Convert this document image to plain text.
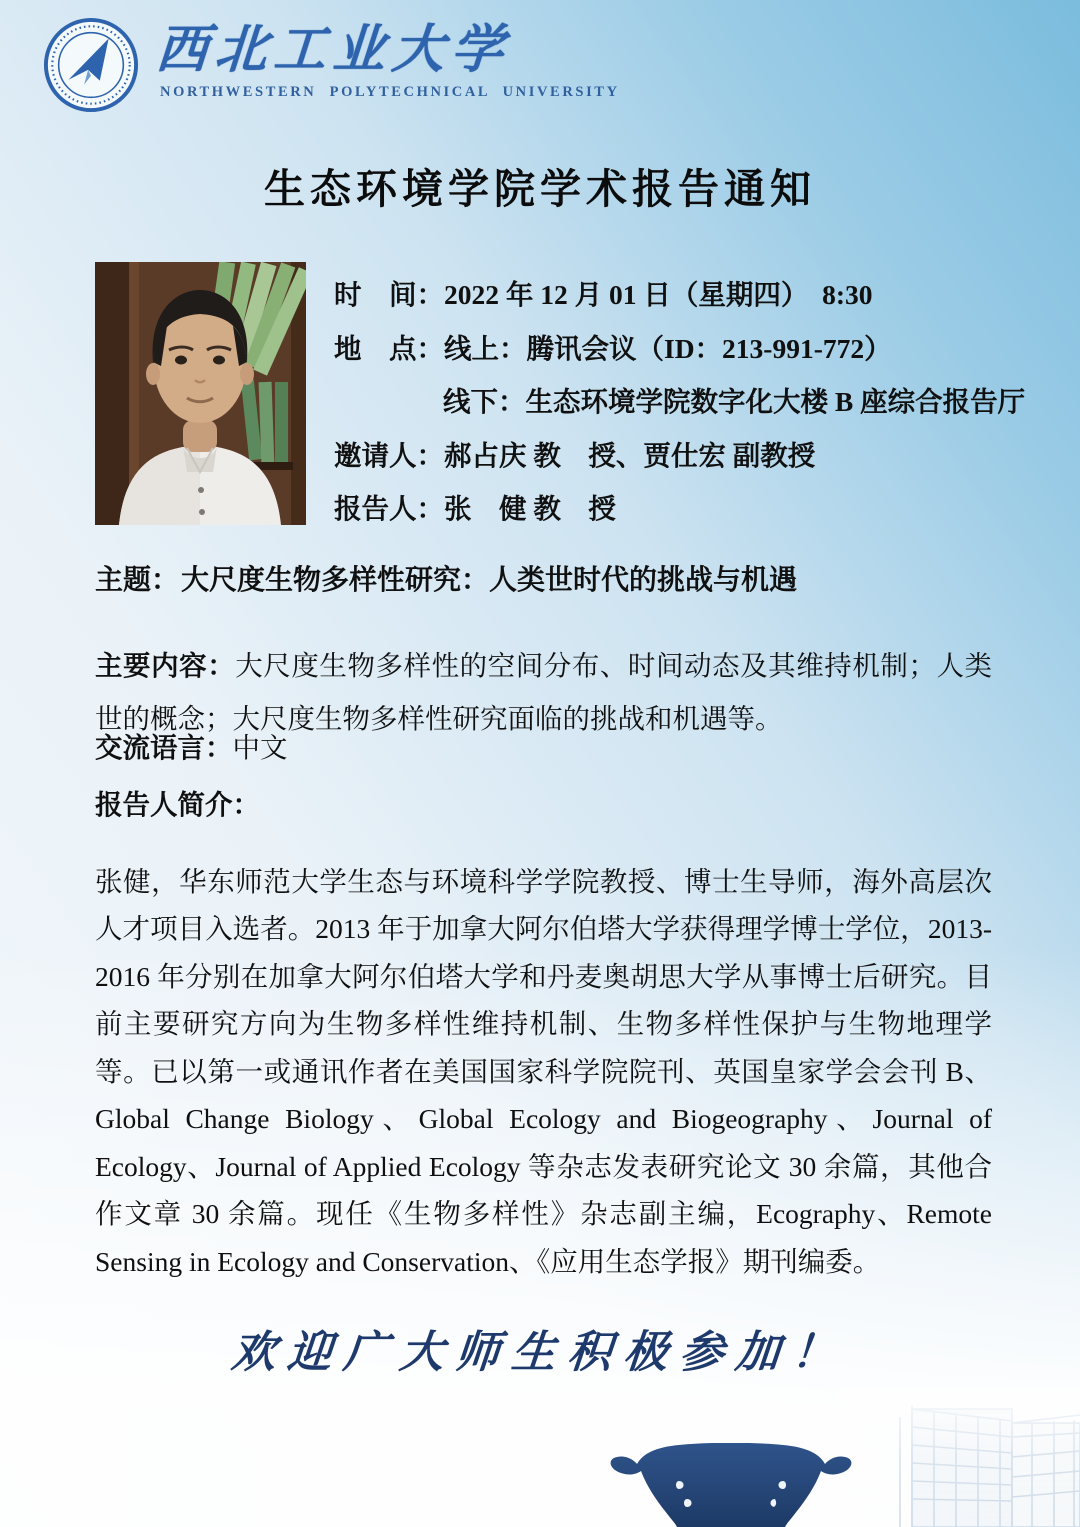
西北工业大学
NORTHWESTERN POLYTECHNICAL UNIVERSITY
生态环境学院学术报告通知
时　间：2022 年 12 月 01 日（星期四）　8:30
地　点：线上：腾讯会议（ID：213-991-772）
线下：生态环境学院数字化大楼 B 座综合报告厅
邀请人：郝占庆 教　授、贾仕宏 副教授
报告人：张　健 教　授
主题：大尺度生物多样性研究：人类世时代的挑战与机遇

主要内容：大尺度生物多样性的空间分布、时间动态及其维持机制；人类世的概念；大尺度生物多样性研究面临的挑战和机遇等。

交流语言：中文
报告人简介：

张健，华东师范大学生态与环境科学学院教授、博士生导师，海外高层次人才项目入选者。2013 年于加拿大阿尔伯塔大学获得理学博士学位，2013-2016 年分别在加拿大阿尔伯塔大学和丹麦奥胡思大学从事博士后研究。目前主要研究方向为生物多样性维持机制、生物多样性保护与生物地理学等。已以第一或通讯作者在美国国家科学院院刊、英国皇家学会会刊 B、Global Change Biology、Global Ecology and Biogeography、Journal of Ecology、Journal of Applied Ecology 等杂志发表研究论文 30 余篇，其他合作文章 30 余篇。现任《生物多样性》杂志副主编，Ecography、Remote Sensing in Ecology and Conservation、《应用生态学报》期刊编委。

欢迎广大师生积极参加！
